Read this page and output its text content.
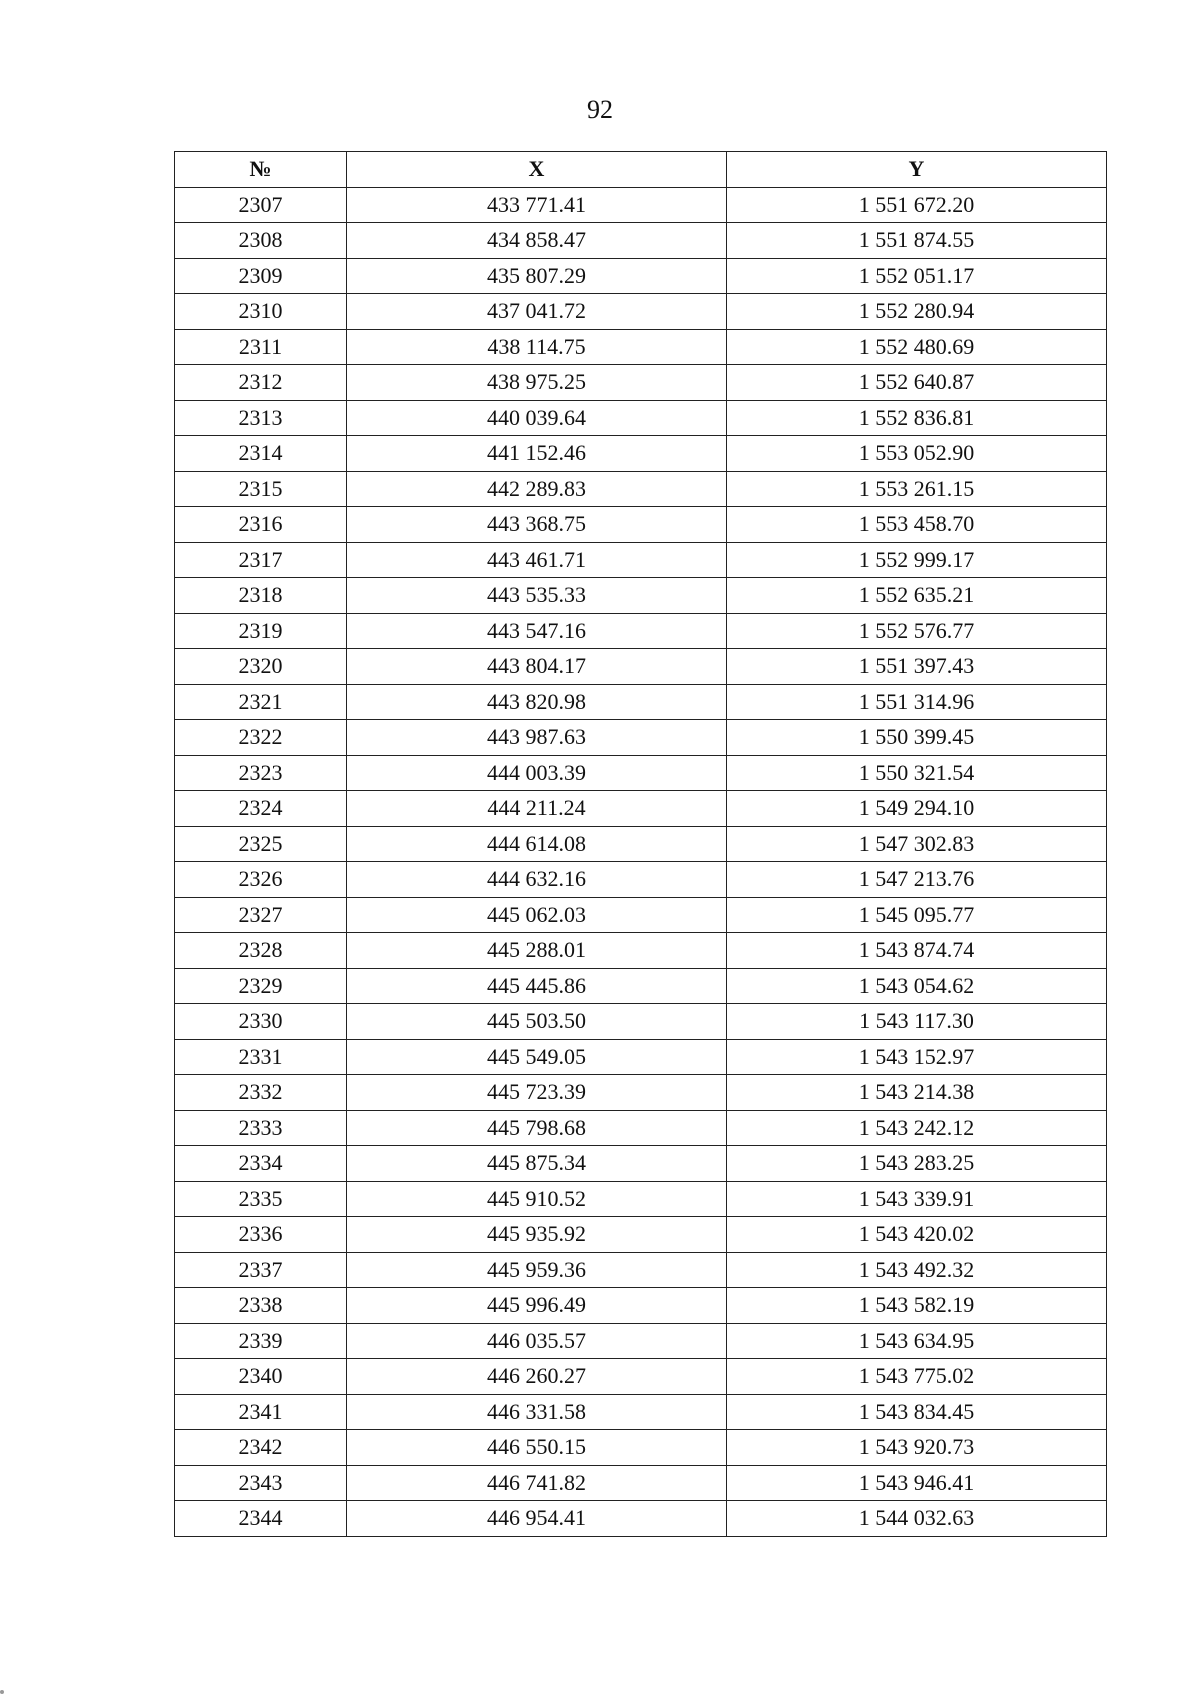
92
№	X	Y
2307	433 771.41	1 551 672.20
2308	434 858.47	1 551 874.55
2309	435 807.29	1 552 051.17
2310	437 041.72	1 552 280.94
2311	438 114.75	1 552 480.69
2312	438 975.25	1 552 640.87
2313	440 039.64	1 552 836.81
2314	441 152.46	1 553 052.90
2315	442 289.83	1 553 261.15
2316	443 368.75	1 553 458.70
2317	443 461.71	1 552 999.17
2318	443 535.33	1 552 635.21
2319	443 547.16	1 552 576.77
2320	443 804.17	1 551 397.43
2321	443 820.98	1 551 314.96
2322	443 987.63	1 550 399.45
2323	444 003.39	1 550 321.54
2324	444 211.24	1 549 294.10
2325	444 614.08	1 547 302.83
2326	444 632.16	1 547 213.76
2327	445 062.03	1 545 095.77
2328	445 288.01	1 543 874.74
2329	445 445.86	1 543 054.62
2330	445 503.50	1 543 117.30
2331	445 549.05	1 543 152.97
2332	445 723.39	1 543 214.38
2333	445 798.68	1 543 242.12
2334	445 875.34	1 543 283.25
2335	445 910.52	1 543 339.91
2336	445 935.92	1 543 420.02
2337	445 959.36	1 543 492.32
2338	445 996.49	1 543 582.19
2339	446 035.57	1 543 634.95
2340	446 260.27	1 543 775.02
2341	446 331.58	1 543 834.45
2342	446 550.15	1 543 920.73
2343	446 741.82	1 543 946.41
2344	446 954.41	1 544 032.63
